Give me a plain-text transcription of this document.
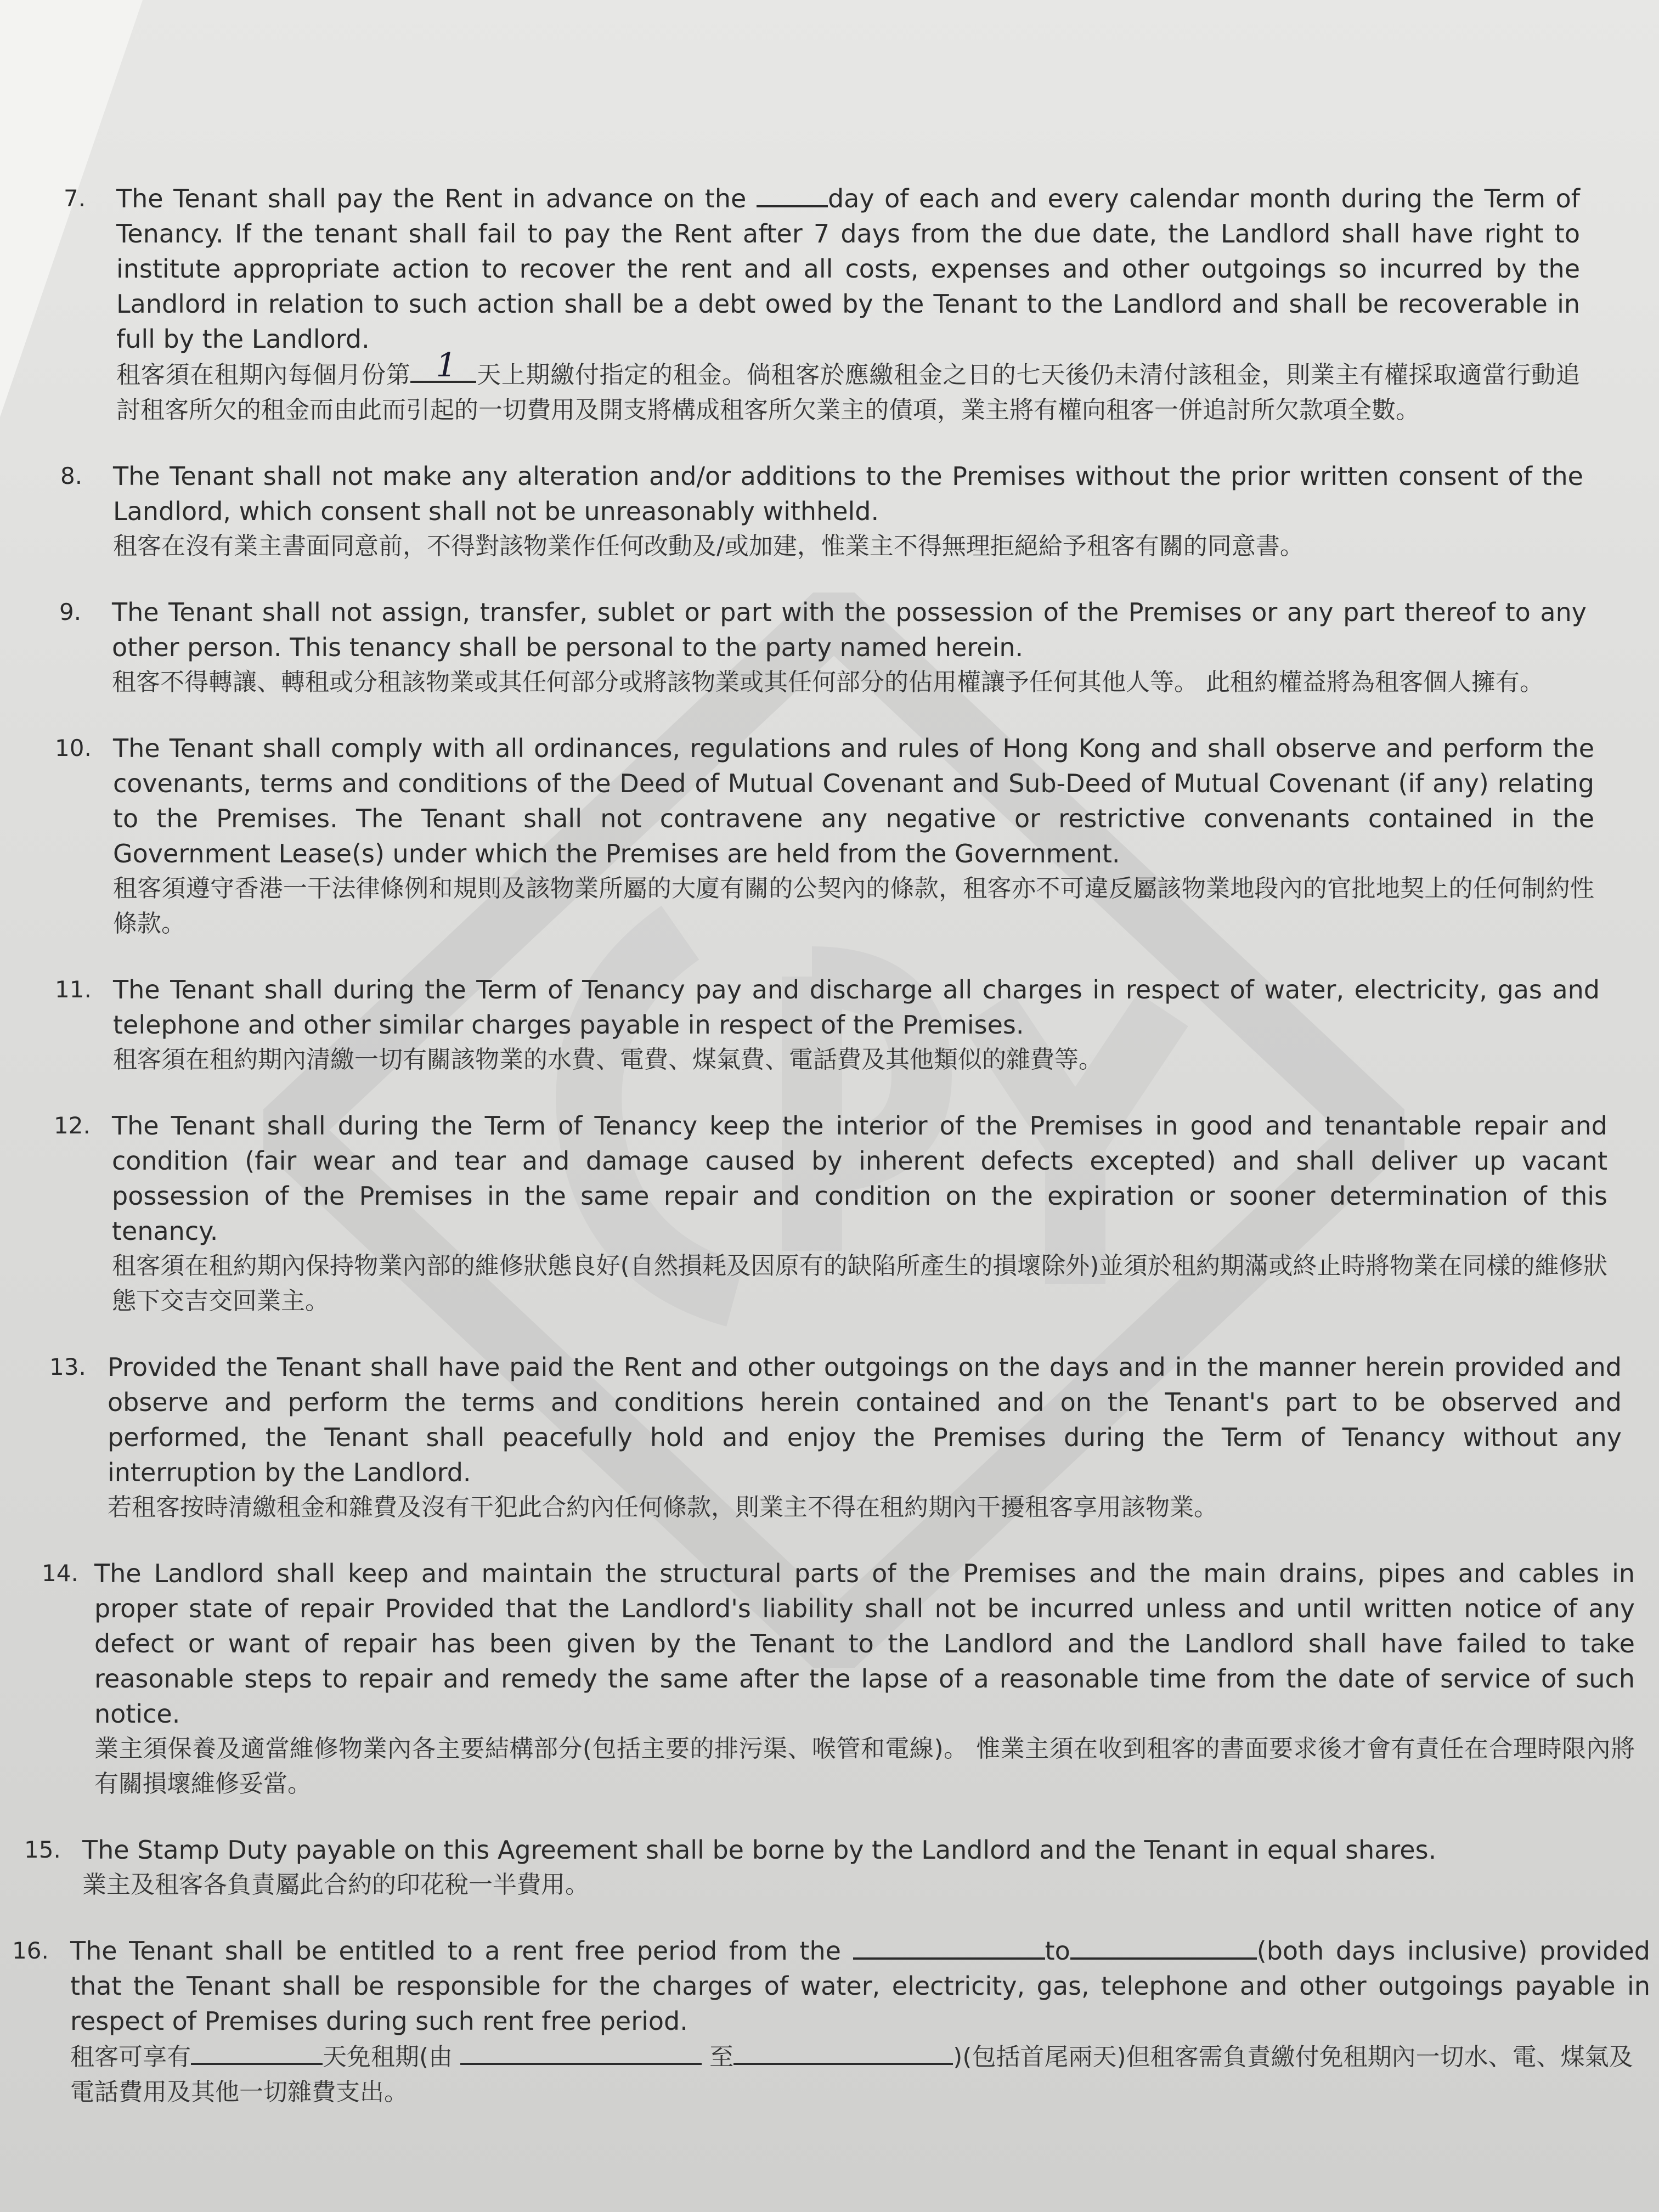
7. The Tenant shall pay the Rent in advance on the	day of each and every calendar month during the Term of Tenancy. If the tenant shall fail to pay the Rent after 7 days from the due date, the Landlord shall have right to institute appropriate action to recover the rent and all costs, expenses and other outgoings so incurred by the Landlord in relation to such action shall be a debt owed by the Tenant to the Landlord and shall be recoverable in full by the Landlord.

租客須在租期內每個月份第 1 天上期繳付指定的租金。倘租客於應繳租金之日的七天後仍未清付該租金，則業主有權採取適當行動追討租客所欠的租金而由此而引起的一切費用及開支將構成租客所欠業主的債項，業主將有權向租客一併追討所欠款項全數。

8. The Tenant shall not make any alteration and/or additions to the Premises without the prior written consent of the Landlord, which consent shall not be unreasonably withheld.

租客在沒有業主書面同意前，不得對該物業作任何改動及/或加建，惟業主不得無理拒絕給予租客有關的同意書。

9. The Tenant shall not assign, transfer, sublet or part with the possession of the Premises or any part thereof to any other person. This tenancy shall be personal to the party named herein.

租客不得轉讓、轉租或分租該物業或其任何部分或將該物業或其任何部分的佔用權讓予任何其他人等。 此租約權益將為租客個人擁有。

10. The Tenant shall comply with all ordinances, regulations and rules of Hong Kong and shall observe and perform the covenants, terms and conditions of the Deed of Mutual Covenant and Sub-Deed of Mutual Covenant (if any) relating to the Premises. The Tenant shall not contravene any negative or restrictive convenants contained in the Government Lease(s) under which the Premises are held from the Government.

租客須遵守香港一干法律條例和規則及該物業所屬的大廈有關的公契內的條款，租客亦不可違反屬該物業地段內的官批地契上的任何制約性條款。

11. The Tenant shall during the Term of Tenancy pay and discharge all charges in respect of water, electricity, gas and telephone and other similar charges payable in respect of the Premises.

租客須在租約期內清繳一切有關該物業的水費、電費、煤氣費、電話費及其他類似的雜費等。

12. The Tenant shall during the Term of Tenancy keep the interior of the Premises in good and tenantable repair and condition (fair wear and tear and damage caused by inherent defects excepted) and shall deliver up vacant possession of the Premises in the same repair and condition on the expiration or sooner determination of this tenancy.

租客須在租約期內保持物業內部的維修狀態良好(自然損耗及因原有的缺陷所產生的損壞除外)並須於租約期滿或終止時將物業在同樣的維修狀態下交吉交回業主。

13. Provided the Tenant shall have paid the Rent and other outgoings on the days and in the manner herein provided and observe and perform the terms and conditions herein contained and on the Tenant's part to be observed and performed, the Tenant shall peacefully hold and enjoy the Premises during the Term of Tenancy without any interruption by the Landlord.

若租客按時清繳租金和雜費及沒有干犯此合約內任何條款，則業主不得在租約期內干擾租客享用該物業。

14. The Landlord shall keep and maintain the structural parts of the Premises and the main drains, pipes and cables in proper state of repair Provided that the Landlord's liability shall not be incurred unless and until written notice of any defect or want of repair has been given by the Tenant to the Landlord and the Landlord shall have failed to take reasonable steps to repair and remedy the same after the lapse of a reasonable time from the date of service of such notice.

業主須保養及適當維修物業內各主要結構部分(包括主要的排污渠、喉管和電線)。 惟業主須在收到租客的書面要求後才會有責任在合理時限內將有關損壞維修妥當。

15. The Stamp Duty payable on this Agreement shall be borne by the Landlord and the Tenant in equal shares.

業主及租客各負責屬此合約的印花稅一半費用。

16. The Tenant shall be entitled to a rent free period from the	to	(both days inclusive) provided that the Tenant shall be responsible for the charges of water, electricity, gas, telephone and other outgoings payable in respect of Premises during such rent free period.

租客可享有	天免租期(由	至	)(包括首尾兩天)但租客需負責繳付免租期內一切水、電、煤氣及電話費用及其他一切雜費支出。
